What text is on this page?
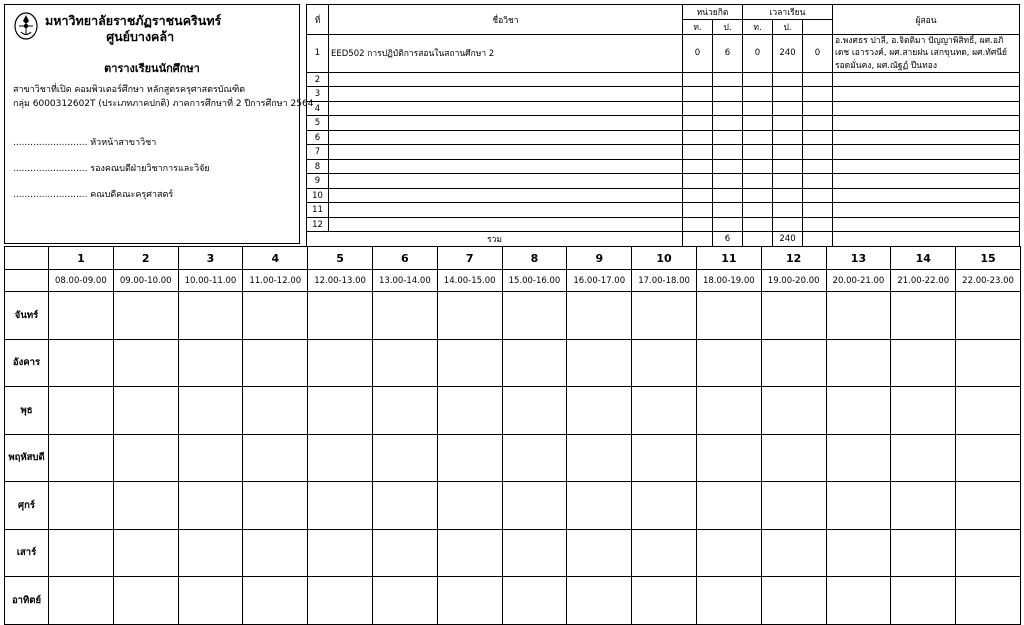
มหาวิทยาลัยราชภัฏราชนครินทร์
ศูนย์บางคล้า
ตารางเรียนนักศึกษา
สาขาวิชาที่เปิด คอมพิวเตอร์ศึกษา หลักสูตรครุศาสตรบัณฑิต
กลุ่ม 6000312602T (ประเภทภาคปกติ) ภาคการศึกษาที่ 2 ปีการศึกษา 2564
.......................... หัวหน้าสาขาวิชา
.......................... รองคณบดีฝ่ายวิชาการและวิจัย
.......................... คณบดีคณะครุศาสตร์
ที่	ชื่อวิชา	หน่วยกิต		เวลาเรียน			ผู้สอน
		ท.	ป.	ท.	ป.		
1	EED502 การปฏิบัติการสอนในสถานศึกษา 2	0	6	0	240	0	อ.พงศธร ปาลี, อ.จิตติมา ปัญญาพิสิทธิ์, ผศ.อภิเดช เอารวงค์, ผศ.สายฝน เสกขุนทด, ผศ.ทัศนีย์ รอดมั่นคง, ผศ.ณัฐฏ์ ปีนทอง
2							
3							
4							
5							
6							
7							
8							
9							
10							
11							
12							
รวม			6		240		
	1	2	3	4	5	6	7	8	9	10	11	12	13	14	15
	08.00-09.00	09.00-10.00	10.00-11.00	11.00-12.00	12.00-13.00	13.00-14.00	14.00-15.00	15.00-16.00	16.00-17.00	17.00-18.00	18.00-19.00	19.00-20.00	20.00-21.00	21.00-22.00	22.00-23.00
จันทร์															
อังคาร															
พุธ															
พฤหัสบดี															
ศุกร์															
เสาร์															
อาทิตย์															
